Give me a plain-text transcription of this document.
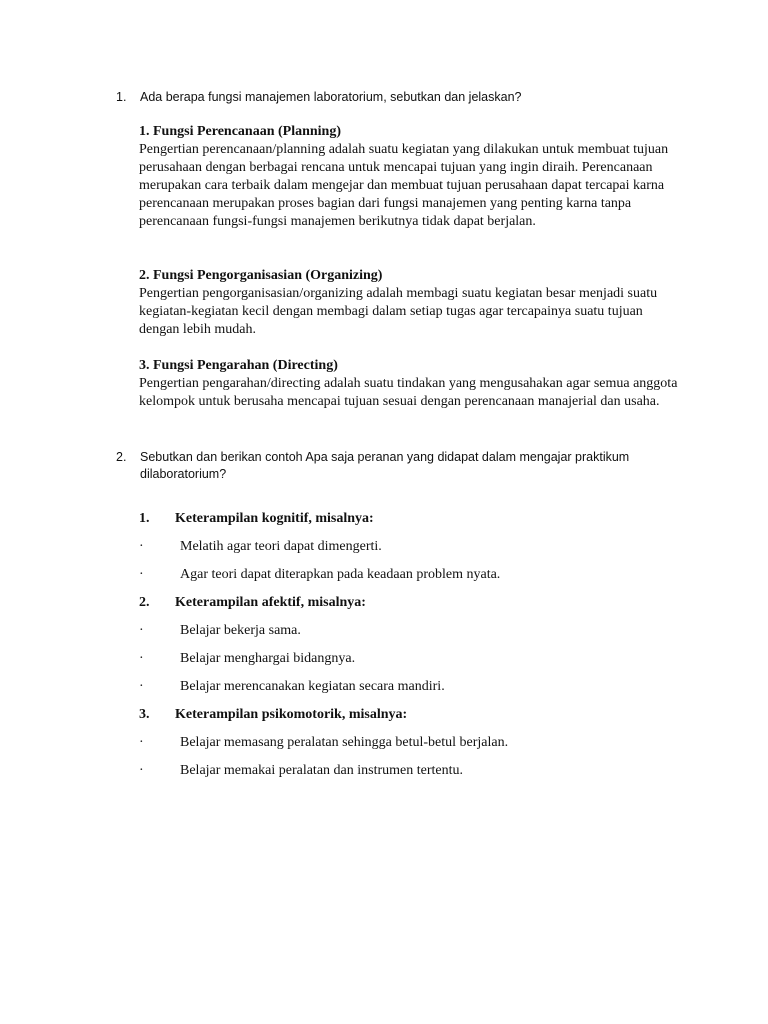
1. Ada berapa fungsi manajemen laboratorium, sebutkan dan jelaskan?
1. Fungsi Perencanaan (Planning)

Pengertian perencanaan/planning adalah suatu kegiatan yang dilakukan untuk membuat tujuan perusahaan dengan berbagai rencana untuk mencapai tujuan yang ingin diraih. Perencanaan merupakan cara terbaik dalam mengejar dan membuat tujuan perusahaan dapat tercapai karna perencanaan merupakan proses bagian dari fungsi manajemen yang penting karna tanpa perencanaan fungsi-fungsi manajemen berikutnya tidak dapat berjalan.

2. Fungsi Pengorganisasian (Organizing)

Pengertian pengorganisasian/organizing adalah membagi suatu kegiatan besar menjadi suatu kegiatan-kegiatan kecil dengan membagi dalam setiap tugas agar tercapainya suatu tujuan dengan lebih mudah.

3. Fungsi Pengarahan (Directing)

Pengertian pengarahan/directing adalah suatu tindakan yang mengusahakan agar semua anggota kelompok untuk berusaha mencapai tujuan sesuai dengan perencanaan manajerial dan usaha.

2. Sebutkan dan berikan contoh Apa saja peranan yang didapat dalam mengajar praktikum dilaboratorium?
1. Keterampilan kognitif, misalnya:
·	Melatih agar teori dapat dimengerti.
·	Agar teori dapat diterapkan pada keadaan problem nyata.
2. Keterampilan afektif, misalnya:
·	Belajar bekerja sama.
·	Belajar menghargai bidangnya.
·	Belajar merencanakan kegiatan secara mandiri.
3. Keterampilan psikomotorik, misalnya:
·	Belajar memasang peralatan sehingga betul-betul berjalan.
·	Belajar memakai peralatan dan instrumen tertentu.
